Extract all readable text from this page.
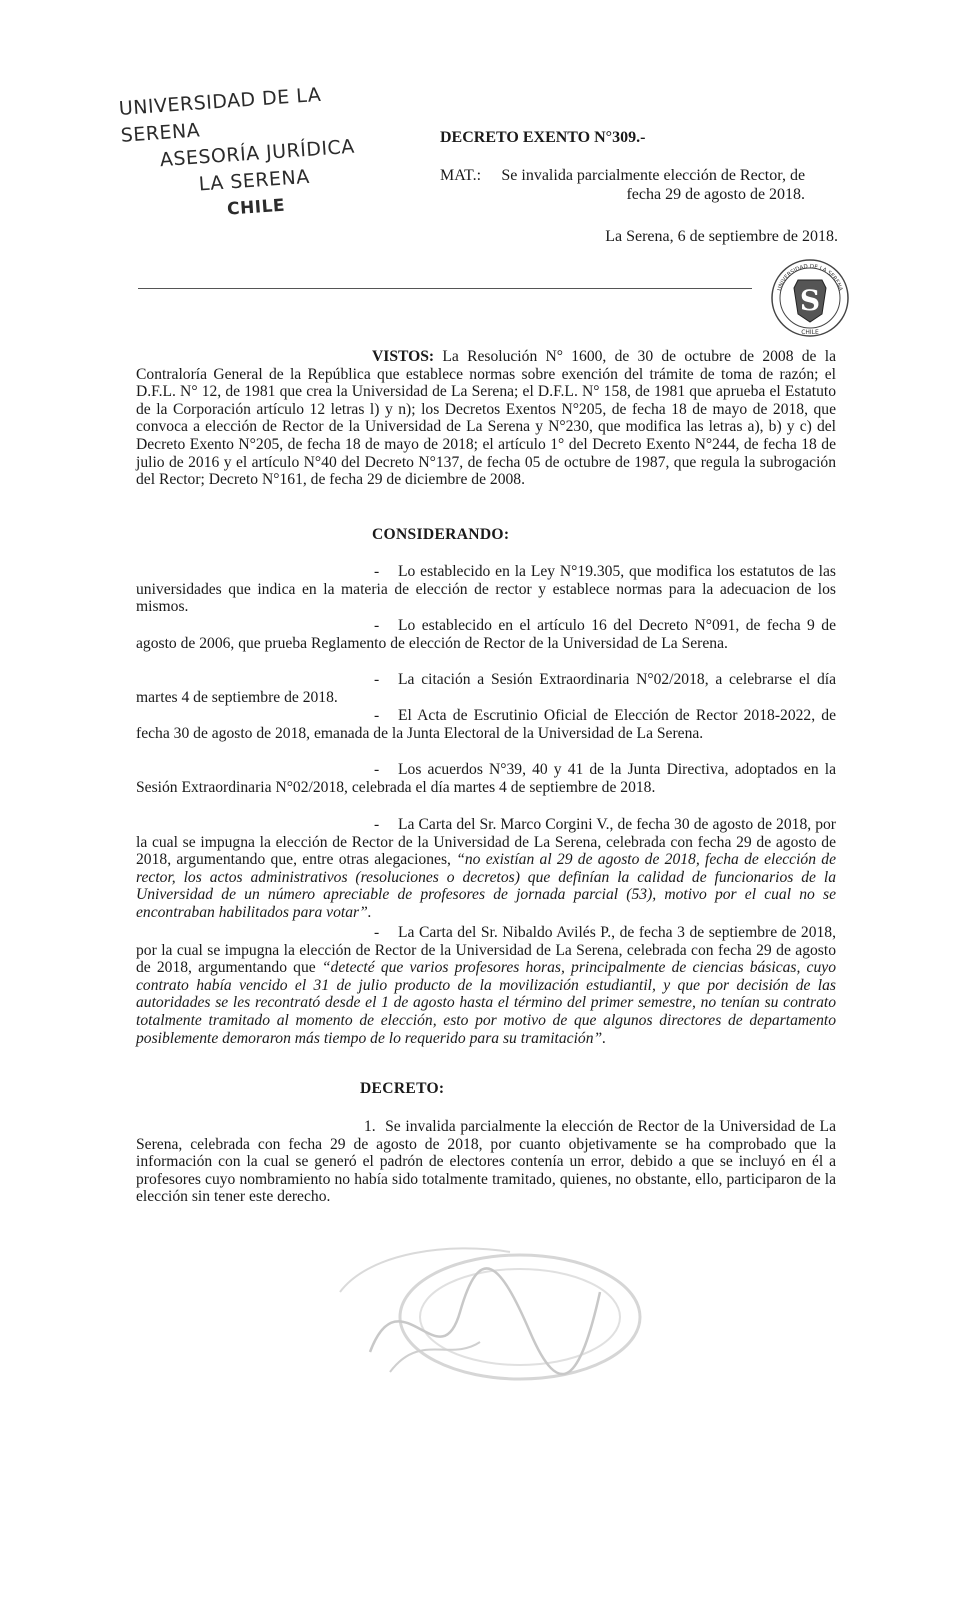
UNIVERSIDAD DE LA SERENA
ASESORÍA JURÍDICA
LA SERENA
CHILE
DECRETO EXENTO N°309.-
MAT.: Se invalida parcialmente elección de Rector, de fecha 29 de agosto de 2018.
La Serena, 6 de septiembre de 2018.
S
UNIVERSIDAD DE LA SERENA
CHILE
VISTOS: La Resolución N° 1600, de 30 de octubre de 2008 de la Contraloría General de la República que establece normas sobre exención del trámite de toma de razón; el D.F.L. N° 12, de 1981 que crea la Universidad de La Serena; el D.F.L. N° 158, de 1981 que aprueba el Estatuto de la Corporación artículo 12 letras l) y n); los Decretos Exentos N°205, de fecha 18 de mayo de 2018, que convoca a elección de Rector de la Universidad de La Serena y N°230, que modifica las letras a), b) y c) del Decreto Exento N°205, de fecha 18 de mayo de 2018; el artículo 1° del Decreto Exento N°244, de fecha 18 de julio de 2016 y el artículo N°40 del Decreto N°137, de fecha 05 de octubre de 1987, que regula la subrogación del Rector; Decreto N°161, de fecha 29 de diciembre de 2008.
CONSIDERANDO:
- Lo establecido en la Ley N°19.305, que modifica los estatutos de las universidades que indica en la materia de elección de rector y establece normas para la adecuacion de los mismos.
- Lo establecido en el artículo 16 del Decreto N°091, de fecha 9 de agosto de 2006, que prueba Reglamento de elección de Rector de la Universidad de La Serena.
- La citación a Sesión Extraordinaria N°02/2018, a celebrarse el día martes 4 de septiembre de 2018.
- El Acta de Escrutinio Oficial de Elección de Rector 2018-2022, de fecha 30 de agosto de 2018, emanada de la Junta Electoral de la Universidad de La Serena.
- Los acuerdos N°39, 40 y 41 de la Junta Directiva, adoptados en la Sesión Extraordinaria N°02/2018, celebrada el día martes 4 de septiembre de 2018.
- La Carta del Sr. Marco Corgini V., de fecha 30 de agosto de 2018, por la cual se impugna la elección de Rector de la Universidad de La Serena, celebrada con fecha 29 de agosto de 2018, argumentando que, entre otras alegaciones, “no existían al 29 de agosto de 2018, fecha de elección de rector, los actos administrativos (resoluciones o decretos) que definían la calidad de funcionarios de la Universidad de un número apreciable de profesores de jornada parcial (53), motivo por el cual no se encontraban habilitados para votar”.
- La Carta del Sr. Nibaldo Avilés P., de fecha 3 de septiembre de 2018, por la cual se impugna la elección de Rector de la Universidad de La Serena, celebrada con fecha 29 de agosto de 2018, argumentando que “detecté que varios profesores horas, principalmente de ciencias básicas, cuyo contrato había vencido el 31 de julio producto de la movilización estudiantil, y que por decisión de las autoridades se les recontrató desde el 1 de agosto hasta el término del primer semestre, no tenían su contrato totalmente tramitado al momento de elección, esto por motivo de que algunos directores de departamento posiblemente demoraron más tiempo de lo requerido para su tramitación”.
DECRETO:
1. Se invalida parcialmente la elección de Rector de la Universidad de La Serena, celebrada con fecha 29 de agosto de 2018, por cuanto objetivamente se ha comprobado que la información con la cual se generó el padrón de electores contenía un error, debido a que se incluyó en él a profesores cuyo nombramiento no había sido totalmente tramitado, quienes, no obstante, ello, participaron de la elección sin tener este derecho.
